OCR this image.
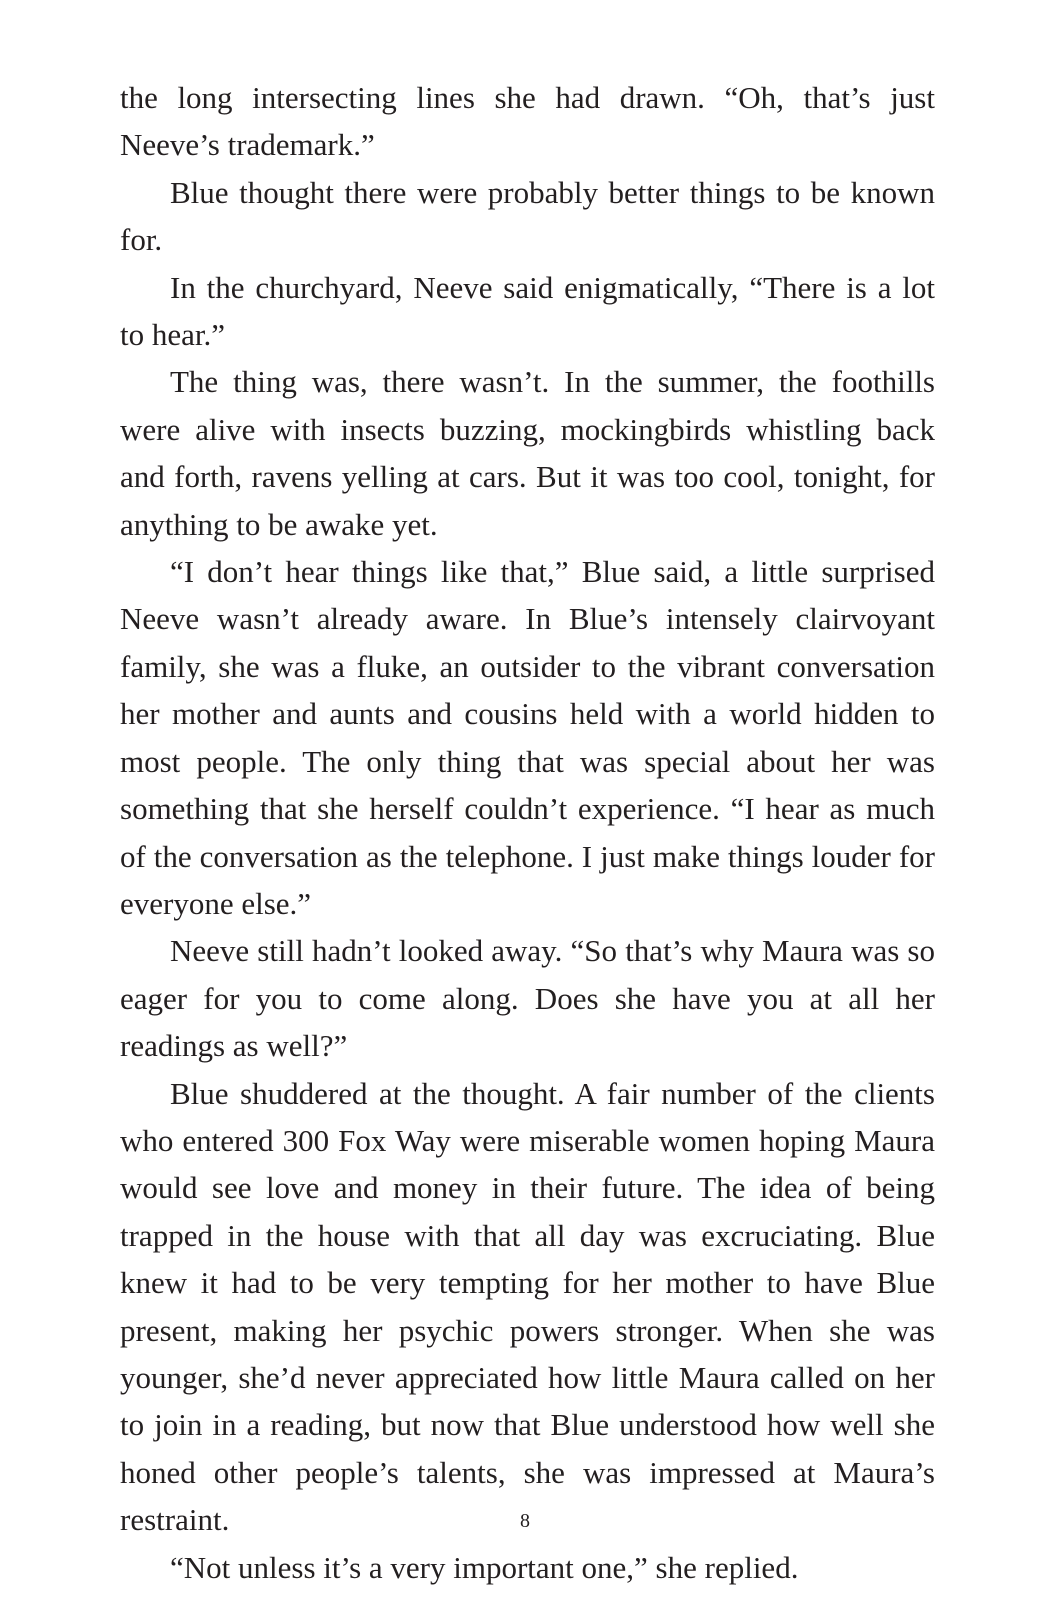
the long intersecting lines she had drawn. “Oh, that’s just Neeve’s trademark.”

Blue thought there were probably better things to be known for.

In the churchyard, Neeve said enigmatically, “There is a lot to hear.”

The thing was, there wasn’t. In the summer, the foothills were alive with insects buzzing, mockingbirds whistling back and forth, ravens yelling at cars. But it was too cool, tonight, for anything to be awake yet.

“I don’t hear things like that,” Blue said, a little surprised Neeve wasn’t already aware. In Blue’s intensely clairvoyant family, she was a fluke, an outsider to the vibrant conversation her mother and aunts and cousins held with a world hidden to most people. The only thing that was special about her was something that she herself couldn’t experience. “I hear as much of the conversation as the telephone. I just make things louder for everyone else.”

Neeve still hadn’t looked away. “So that’s why Maura was so eager for you to come along. Does she have you at all her readings as well?”

Blue shuddered at the thought. A fair number of the clients who entered 300 Fox Way were miserable women hoping Maura would see love and money in their future. The idea of being trapped in the house with that all day was excruciating. Blue knew it had to be very tempting for her mother to have Blue present, making her psychic powers stronger. When she was younger, she’d never appreciated how little Maura called on her to join in a reading, but now that Blue understood how well she honed other people’s talents, she was impressed at Maura’s restraint.

“Not unless it’s a very important one,” she replied.

8
